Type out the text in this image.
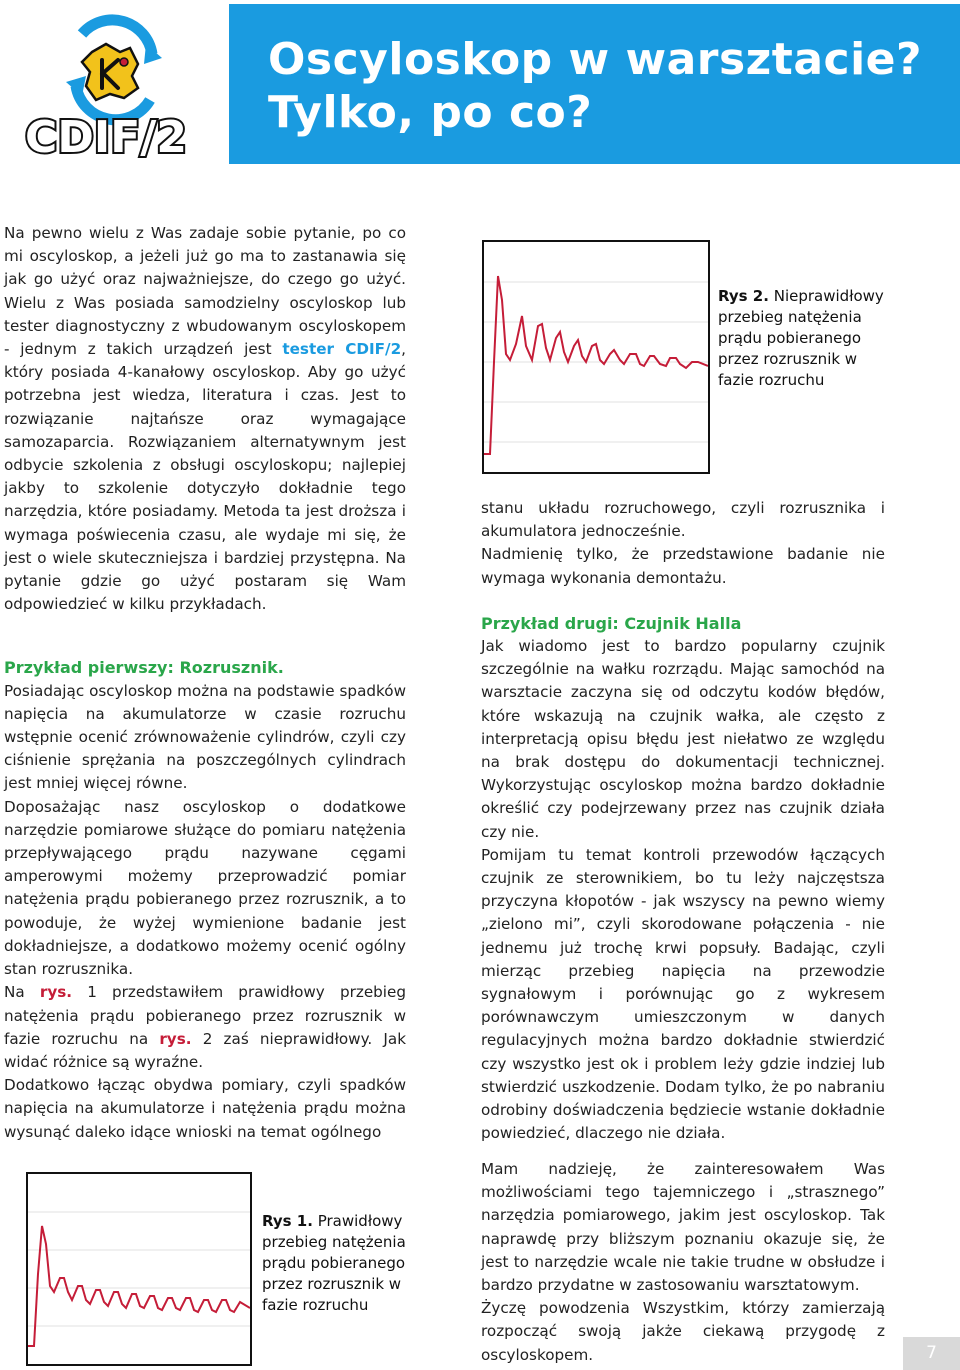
Oscyloskop w warsztacie?
Tylko, po co?
CDIF/2

Na pewno wielu z Was zadaje sobie pytanie, po co mi oscyloskop, a jeżeli już go ma to zastanawia się jak go użyć oraz najważniejsze, do czego go użyć. Wielu z Was posiada samodzielny oscyloskop lub tester diagnostyczny z wbudowanym oscyloskopem - jednym z takich urządzeń jest tester CDIF/2, który posiada 4-kanałowy oscyloskop. Aby go użyć potrzebna jest wiedza, literatura i czas. Jest to rozwiązanie najtańsze oraz wymagające samozaparcia. Rozwiązaniem alternatywnym jest odbycie szkolenia z obsługi oscyloskopu; najlepiej jakby to szkolenie dotyczyło dokładnie tego narzędzia, które posiadamy. Metoda ta jest droższa i wymaga poświecenia czasu, ale wydaje mi się, że jest o wiele skuteczniejsza i bardziej przystępna. Na pytanie gdzie go użyć postaram się Wam odpowiedzieć w kilku przykładach.

Przykład pierwszy: Rozrusznik.

Posiadając oscyloskop można na podstawie spadków napięcia na akumulatorze w czasie rozruchu wstępnie ocenić zrównoważenie cylindrów, czyli czy ciśnienie sprężania na poszczególnych cylindrach jest mniej więcej równe.

Doposażając nasz oscyloskop o dodatkowe narzędzie pomiarowe służące do pomiaru natężenia przepływającego prądu nazywane cęgami amperowymi możemy przeprowadzić pomiar natężenia prądu pobieranego przez rozrusznik, a to powoduje, że wyżej wymienione badanie jest dokładniejsze, a dodatkowo możemy ocenić ogólny stan rozrusznika.

Na rys. 1 przedstawiłem prawidłowy przebieg natężenia prądu pobieranego przez rozrusznik w fazie rozruchu na rys. 2 zaś nieprawidłowy. Jak widać różnice są wyraźne.

Dodatkowo łącząc obydwa pomiary, czyli spadków napięcia na akumulatorze i natężenia prądu można wysunąć daleko idące wnioski na temat ogólnego

Rys 2. Nieprawidłowy przebieg natężenia prądu pobieranego przez rozrusznik w fazie rozruchu

stanu układu rozruchowego, czyli rozrusznika i akumulatora jednocześnie.

Nadmienię tylko, że przedstawione badanie nie wymaga wykonania demontażu.

Przykład drugi: Czujnik Halla

Jak wiadomo jest to bardzo popularny czujnik szczególnie na wałku rozrządu. Mając samochód na warsztacie zaczyna się od odczytu kodów błędów, które wskazują na czujnik wałka, ale często z interpretacją opisu błędu jest niełatwo ze względu na brak dostępu do dokumentacji technicznej. Wykorzystując oscyloskop można bardzo dokładnie określić czy podejrzewany przez nas czujnik działa czy nie.

Pomijam tu temat kontroli przewodów łączących czujnik ze sterownikiem, bo tu leży najczęstsza przyczyna kłopotów - jak wszyscy na pewno wiemy „zielono mi”, czyli skorodowane połączenia - nie jednemu już trochę krwi popsuły. Badając, czyli mierząc przebieg napięcia na przewodzie sygnałowym i porównując go z wykresem porównawczym umieszczonym w danych regulacyjnych można bardzo dokładnie stwierdzić czy wszystko jest ok i problem leży gdzie indziej lub stwierdzić uszkodzenie. Dodam tylko, że po nabraniu odrobiny doświadczenia będziecie wstanie dokładnie powiedzieć, dlaczego nie działa.

Mam nadzieję, że zainteresowałem Was możliwościami tego tajemniczego i „strasznego” narzędzia pomiarowego, jakim jest oscyloskop. Tak naprawdę przy bliższym poznaniu okazuje się, że jest to narzędzie wcale nie takie trudne w obsłudze i bardzo przydatne w zastosowaniu warsztatowym.

Życzę powodzenia Wszystkim, którzy zamierzają rozpocząć swoją jakże ciekawą przygodę z oscyloskopem.

Rys 1. Prawidłowy przebieg natężenia prądu pobieranego przez rozrusznik w fazie rozruchu
7
